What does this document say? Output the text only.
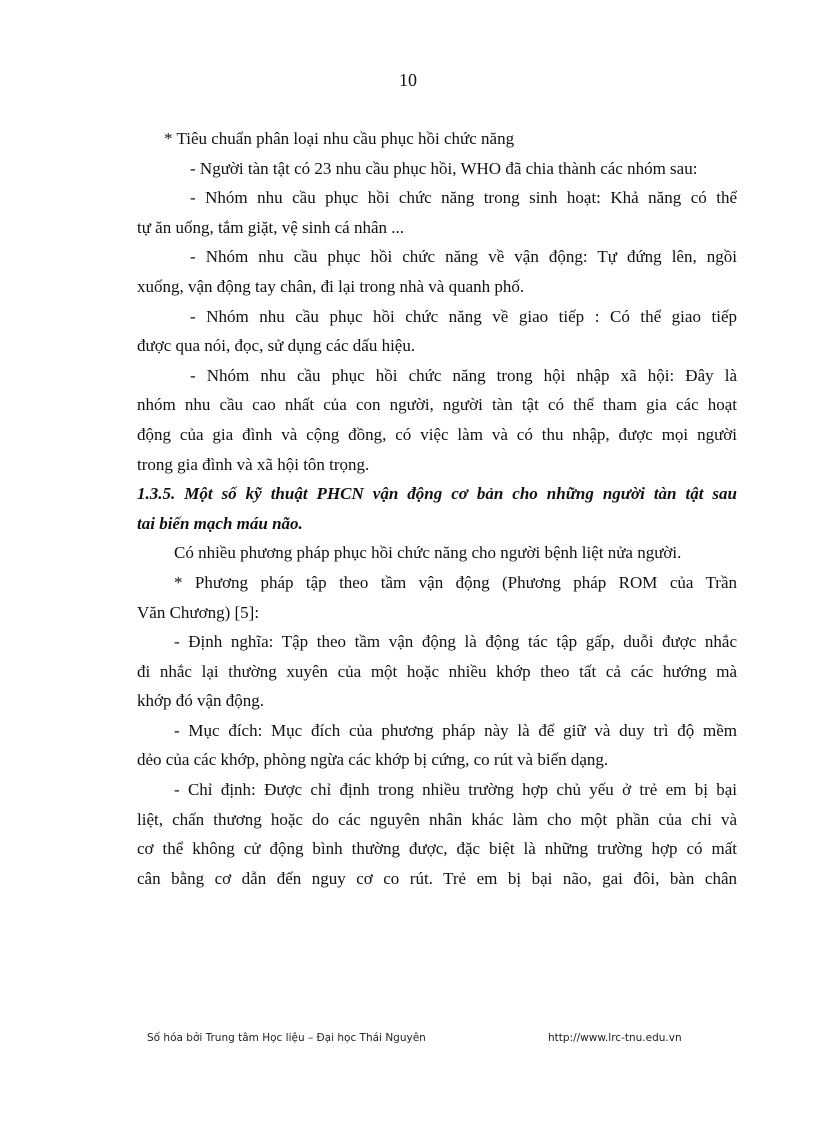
10
* Tiêu chuẩn phân loại nhu cầu phục hồi chức năng
- Người tàn tật có 23 nhu cầu phục hồi, WHO đã chia thành các nhóm sau:
- Nhóm nhu cầu phục hồi chức năng trong sinh hoạt: Khả năng có thể
tự ăn uống, tắm giặt, vệ sinh cá nhân ...
- Nhóm nhu cầu phục hồi chức năng về vận động: Tự đứng lên, ngồi
xuống, vận động tay chân, đi lại trong nhà và quanh phố.
- Nhóm nhu cầu phục hồi chức năng về giao tiếp : Có thể giao tiếp
được qua nói, đọc, sử dụng các dấu hiệu.
- Nhóm nhu cầu phục hồi chức năng trong hội nhập xã hội: Đây là
nhóm nhu cầu cao nhất của con người, người tàn tật có thể tham gia các hoạt
động của gia đình và cộng đồng, có việc làm và có thu nhập, được mọi người
trong gia đình và xã hội tôn trọng.
1.3.5. Một số kỹ thuật PHCN vận động cơ bản cho những người tàn tật sau
tai biến mạch máu não.
Có nhiều phương pháp phục hồi chức năng cho người bệnh liệt nửa người.
* Phương pháp tập theo tầm vận động (Phương pháp ROM của Trần
Văn Chương) [5]:
- Định nghĩa: Tập theo tầm vận động là động tác tập gấp, duỗi được nhắc
đi nhắc lại thường xuyên của một hoặc nhiều khớp theo tất cả các hướng mà
khớp đó vận động.
- Mục đích: Mục đích của phương pháp này là để giữ và duy trì độ mềm
dẻo của các khớp, phòng ngừa các khớp bị cứng, co rút và biến dạng.
- Chỉ định: Được chỉ định trong nhiều trường hợp chủ yếu ở trẻ em bị bại
liệt, chấn thương hoặc do các nguyên nhân khác làm cho một phần của chi và
cơ thể không cử động bình thường được, đặc biệt là những trường hợp có mất
cân bằng cơ dẫn đến nguy cơ co rút. Trẻ em bị bại não, gai đôi, bàn chân
Số hóa bởi Trung tâm Học liệu – Đại học Thái Nguyên	http://www.lrc-tnu.edu.vn
